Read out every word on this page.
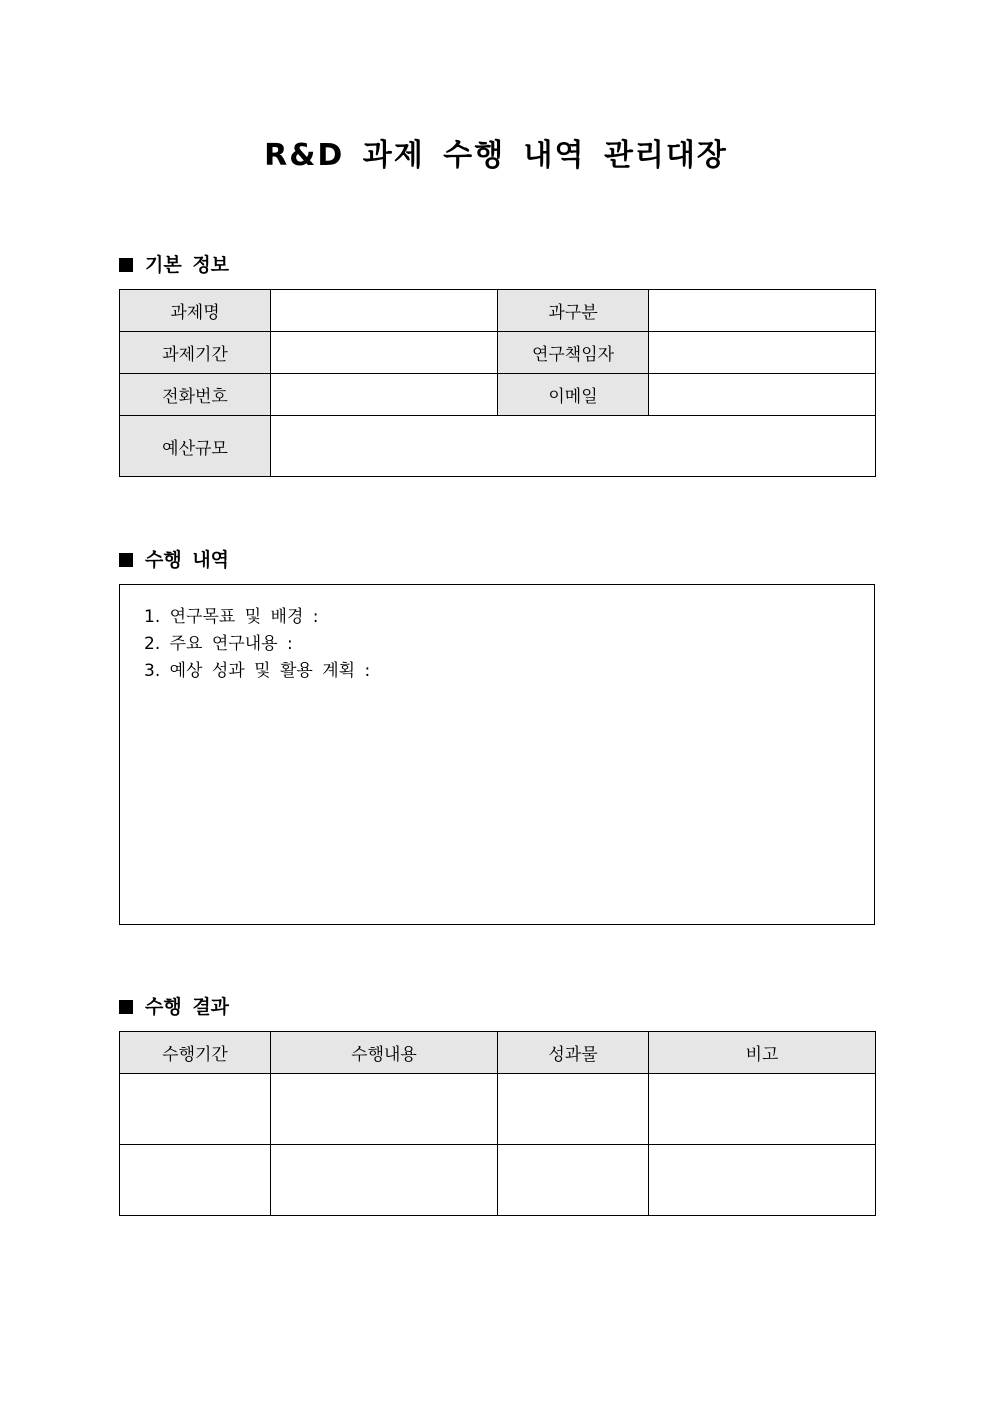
R&D 과제 수행 내역 관리대장
기본 정보
과제명		과구분	
과제기간		연구책임자	
전화번호		이메일	
예산규모			
수행 내역
1. 연구목표 및 배경 :
2. 주요 연구내용 :
3. 예상 성과 및 활용 계획 :
수행 결과
수행기간	수행내용	성과물	비고
